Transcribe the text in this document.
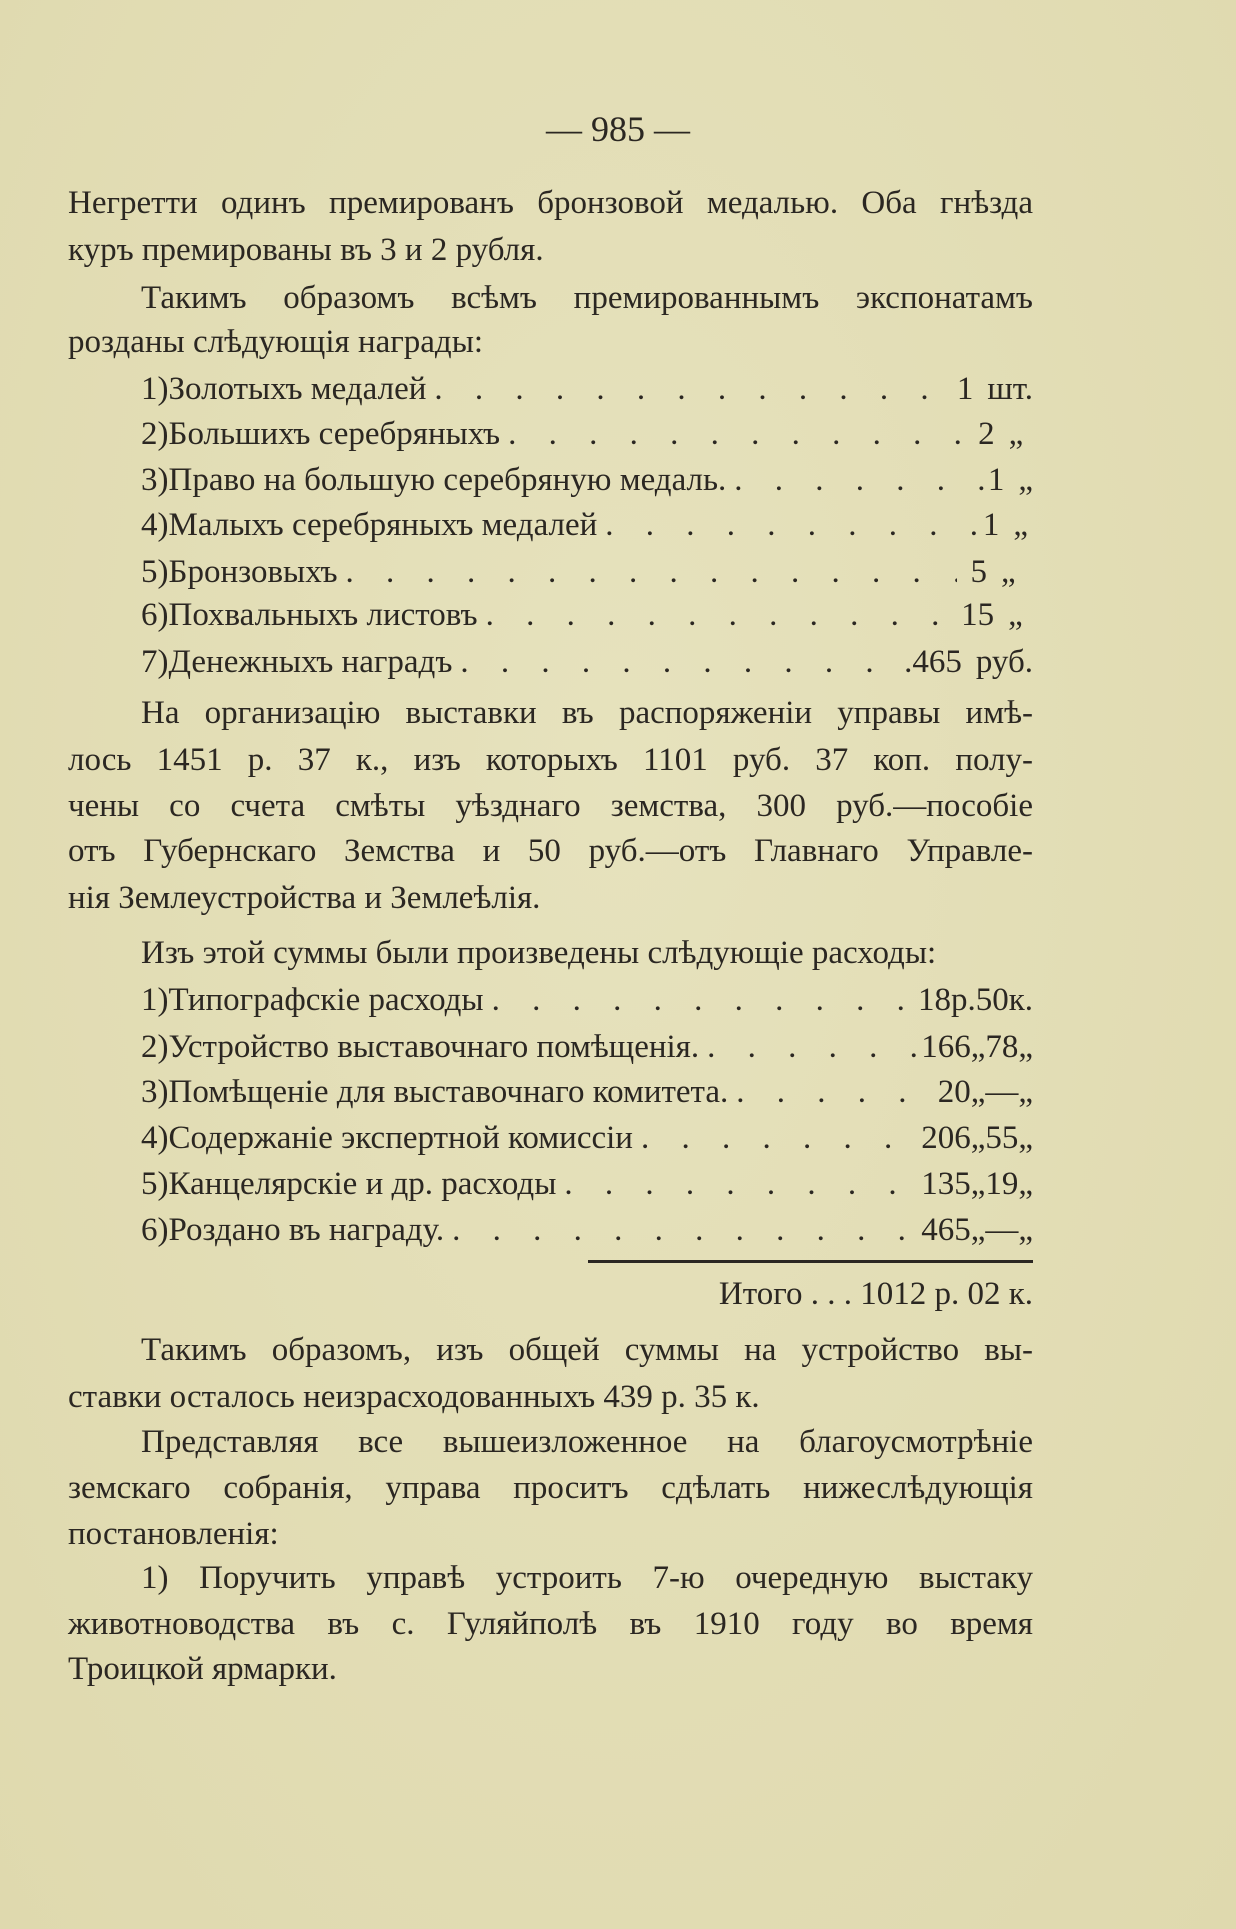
— 985 —
Негретти одинъ премированъ бронзовой медалью. Оба гнѣзда
куръ премированы въ 3 и 2 рубля.
Такимъ образомъ всѣмъ премированнымъ экспонатамъ
розданы слѣдующія награды:
1) Золотыхъ медалей . . .	1 шт.
2) Большихъ серебряныхъ . . .	2 „
3) Право на большую серебряную медаль. . . .	1 „
4) Малыхъ серебряныхъ медалей . . .	1 „
5) Бронзовыхъ . . .	5 „
6) Похвальныхъ листовъ . . .	15 „
7) Денежныхъ наградъ . . .	.465 руб.
На организацію выставки въ распоряженіи управы имѣ-
лось 1451 р. 37 к., изъ которыхъ 1101 руб. 37 коп. полу-
чены со счета смѣты уѣзднаго земства, 300 руб.—пособіе
отъ Губернскаго Земства и 50 руб.—отъ Главнаго Управле-
нія Землеустройства и Землеѣлія.
Изъ этой суммы были произведены слѣдующіе расходы:
1) Типографскіе расходы . . .	18 р. 50 к.
2) Устройство выставочнаго помѣщенія. . . .	166 „ 78 „
3) Помѣщеніе для выставочнаго комитета. . . .	20 „ — „
4) Содержаніе экспертной комиссіи . . .	206 „ 55 „
5) Канцелярскіе и др. расходы . . .	135 „ 19 „
6) Роздано въ награду. . . .	465 „ — „
Такимъ образомъ, изъ общей суммы на устройство вы-
ставки осталось неизрасходованныхъ 439 р. 35 к.
Представляя все вышеизложенное на благоусмотрѣніе
земскаго собранія, управа проситъ сдѣлать нижеслѣдующія
постановленія:
1) Поручить управѣ устроить 7-ю очередную выстаку
животноводства въ с. Гуляйполѣ въ 1910 году во время
Троицкой ярмарки.
Итого . . . 1012 р. 02 к.
